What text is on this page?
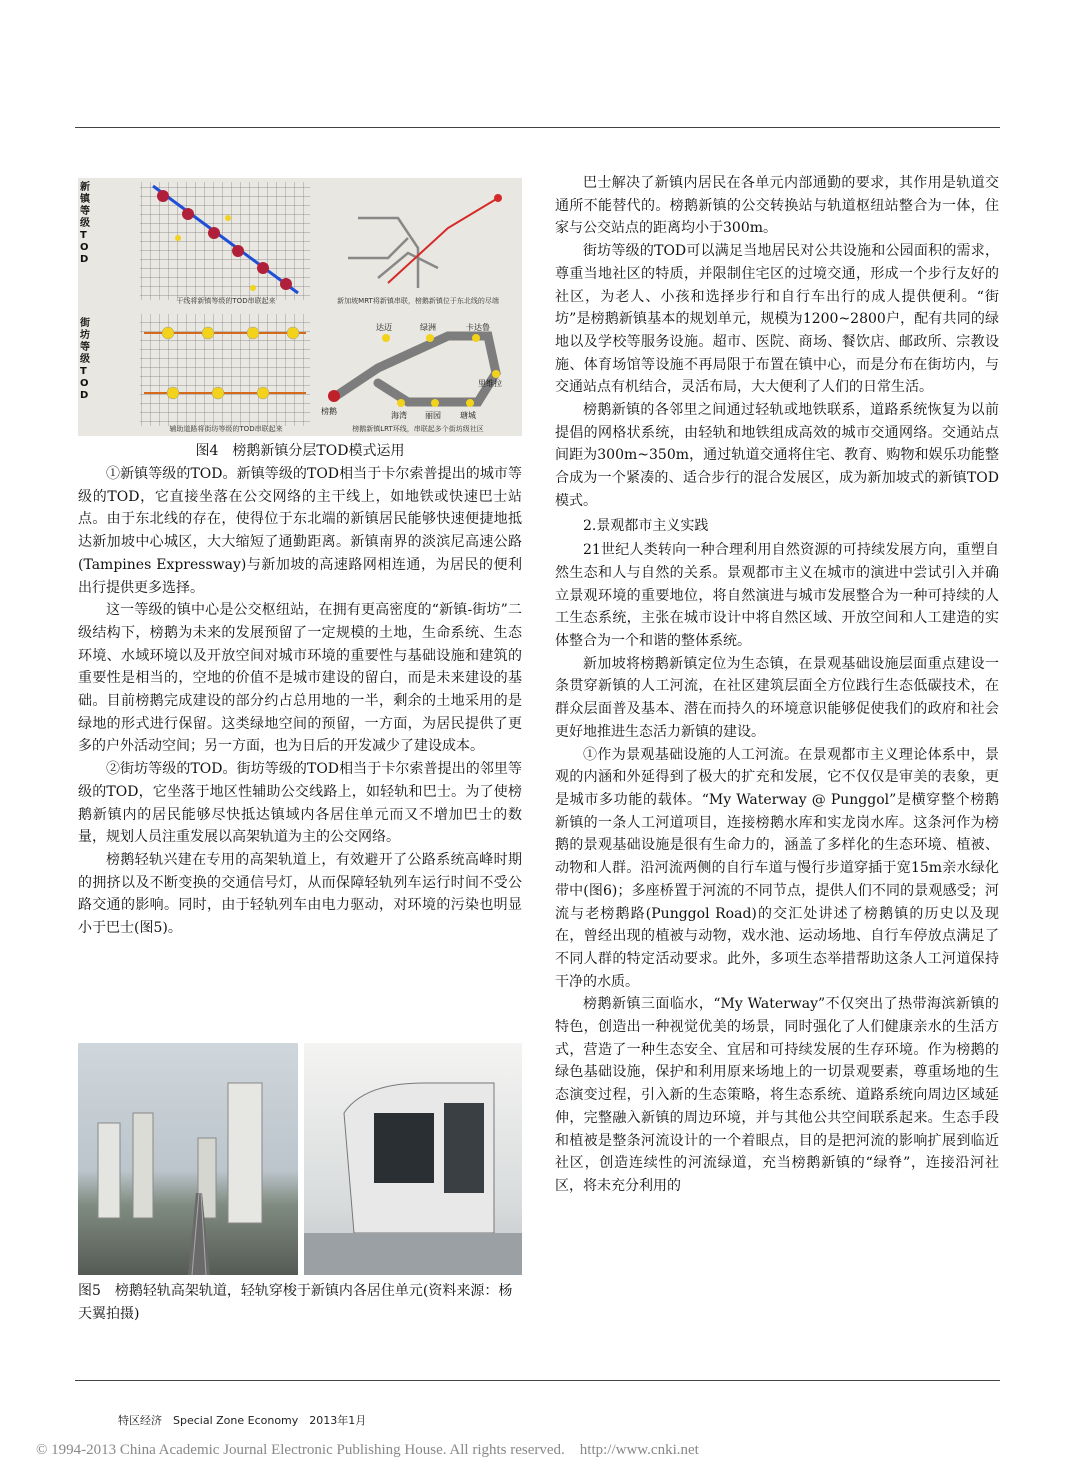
新镇等级TOD
街坊等级TOD
干线将新镇等级的TOD串联起来	新加坡MRT将新镇串联，榜鹅新镇位于东北线的尽端
辅助道路将街坊等级的TOD串联起来	榜鹅新镇LRT环线，串联起多个街坊级社区
榜鹅
达迈	绿洲	卡达鲁
里维拉
海湾 丽园 瑭城
图4　榜鹅新镇分层TOD模式运用

①新镇等级的TOD。新镇等级的TOD相当于卡尔索普提出的城市等级的TOD，它直接坐落在公交网络的主干线上，如地铁或快速巴士站点。由于东北线的存在，使得位于东北端的新镇居民能够快速便捷地抵达新加坡中心城区，大大缩短了通勤距离。新镇南界的淡滨尼高速公路(Tampines Expressway)与新加坡的高速路网相连通，为居民的便利出行提供更多选择。

这一等级的镇中心是公交枢纽站，在拥有更高密度的“新镇-街坊”二级结构下，榜鹅为未来的发展预留了一定规模的土地，生命系统、生态环境、水域环境以及开放空间对城市环境的重要性与基础设施和建筑的重要性是相当的，空地的价值不是城市建设的留白，而是未来建设的基础。目前榜鹅完成建设的部分约占总用地的一半，剩余的土地采用的是绿地的形式进行保留。这类绿地空间的预留，一方面，为居民提供了更多的户外活动空间；另一方面，也为日后的开发减少了建设成本。

②街坊等级的TOD。街坊等级的TOD相当于卡尔索普提出的邻里等级的TOD，它坐落于地区性辅助公交线路上，如轻轨和巴士。为了使榜鹅新镇内的居民能够尽快抵达镇域内各居住单元而又不增加巴士的数量，规划人员注重发展以高架轨道为主的公交网络。

榜鹅轻轨兴建在专用的高架轨道上，有效避开了公路系统高峰时期的拥挤以及不断变换的交通信号灯，从而保障轻轨列车运行时间不受公路交通的影响。同时，由于轻轨列车由电力驱动，对环境的污染也明显小于巴士(图5)。

图5　榜鹅轻轨高架轨道，轻轨穿梭于新镇内各居住单元(资料来源：杨天翼拍摄)

巴士解决了新镇内居民在各单元内部通勤的要求，其作用是轨道交通所不能替代的。榜鹅新镇的公交转换站与轨道枢纽站整合为一体，住家与公交站点的距离均小于300m。

街坊等级的TOD可以满足当地居民对公共设施和公园面积的需求，尊重当地社区的特质，并限制住宅区的过境交通，形成一个步行友好的社区，为老人、小孩和选择步行和自行车出行的成人提供便利。“街坊”是榜鹅新镇基本的规划单元，规模为1200~2800户，配有共同的绿地以及学校等服务设施。超市、医院、商场、餐饮店、邮政所、宗教设施、体育场馆等设施不再局限于布置在镇中心，而是分布在街坊内，与交通站点有机结合，灵活布局，大大便利了人们的日常生活。

榜鹅新镇的各邻里之间通过轻轨或地铁联系，道路系统恢复为以前提倡的网格状系统，由轻轨和地铁组成高效的城市交通网络。交通站点间距为300m~350m，通过轨道交通将住宅、教育、购物和娱乐功能整合成为一个紧凑的、适合步行的混合发展区，成为新加坡式的新镇TOD模式。

2.景观都市主义实践

21世纪人类转向一种合理利用自然资源的可持续发展方向，重塑自然生态和人与自然的关系。景观都市主义在城市的演进中尝试引入并确立景观环境的重要地位，将自然演进与城市发展整合为一种可持续的人工生态系统，主张在城市设计中将自然区域、开放空间和人工建造的实体整合为一个和谐的整体系统。

新加坡将榜鹅新镇定位为生态镇，在景观基础设施层面重点建设一条贯穿新镇的人工河流，在社区建筑层面全方位践行生态低碳技术，在群众层面普及基本、潜在而持久的环境意识能够促使我们的政府和社会更好地推进生态活力新镇的建设。

①作为景观基础设施的人工河流。在景观都市主义理论体系中，景观的内涵和外延得到了极大的扩充和发展，它不仅仅是审美的表象，更是城市多功能的载体。“My Waterway @ Punggol”是横穿整个榜鹅新镇的一条人工河道项目，连接榜鹅水库和实龙岗水库。这条河作为榜鹅的景观基础设施是很有生命力的，涵盖了多样化的生态环境、植被、动物和人群。沿河流两侧的自行车道与慢行步道穿插于宽15m亲水绿化带中(图6)；多座桥置于河流的不同节点，提供人们不同的景观感受；河流与老榜鹅路(Punggol Road)的交汇处讲述了榜鹅镇的历史以及现在，曾经出现的植被与动物，戏水池、运动场地、自行车停放点满足了不同人群的特定活动要求。此外，多项生态举措帮助这条人工河道保持干净的水质。

榜鹅新镇三面临水，“My Waterway”不仅突出了热带海滨新镇的特色，创造出一种视觉优美的场景，同时强化了人们健康亲水的生活方式，营造了一种生态安全、宜居和可持续发展的生存环境。作为榜鹅的绿色基础设施，保护和利用原来场地上的一切景观要素，尊重场地的生态演变过程，引入新的生态策略，将生态系统、道路系统向周边区域延伸，完整融入新镇的周边环境，并与其他公共空间联系起来。生态手段和植被是整条河流设计的一个着眼点，目的是把河流的影响扩展到临近社区，创造连续性的河流绿道，充当榜鹅新镇的“绿脊”，连接沿河社区，将未充分利用的

特区经济　Special Zone Economy　2013年1月
© 1994-2013 China Academic Journal Electronic Publishing House. All rights reserved.　http://www.cnki.net
